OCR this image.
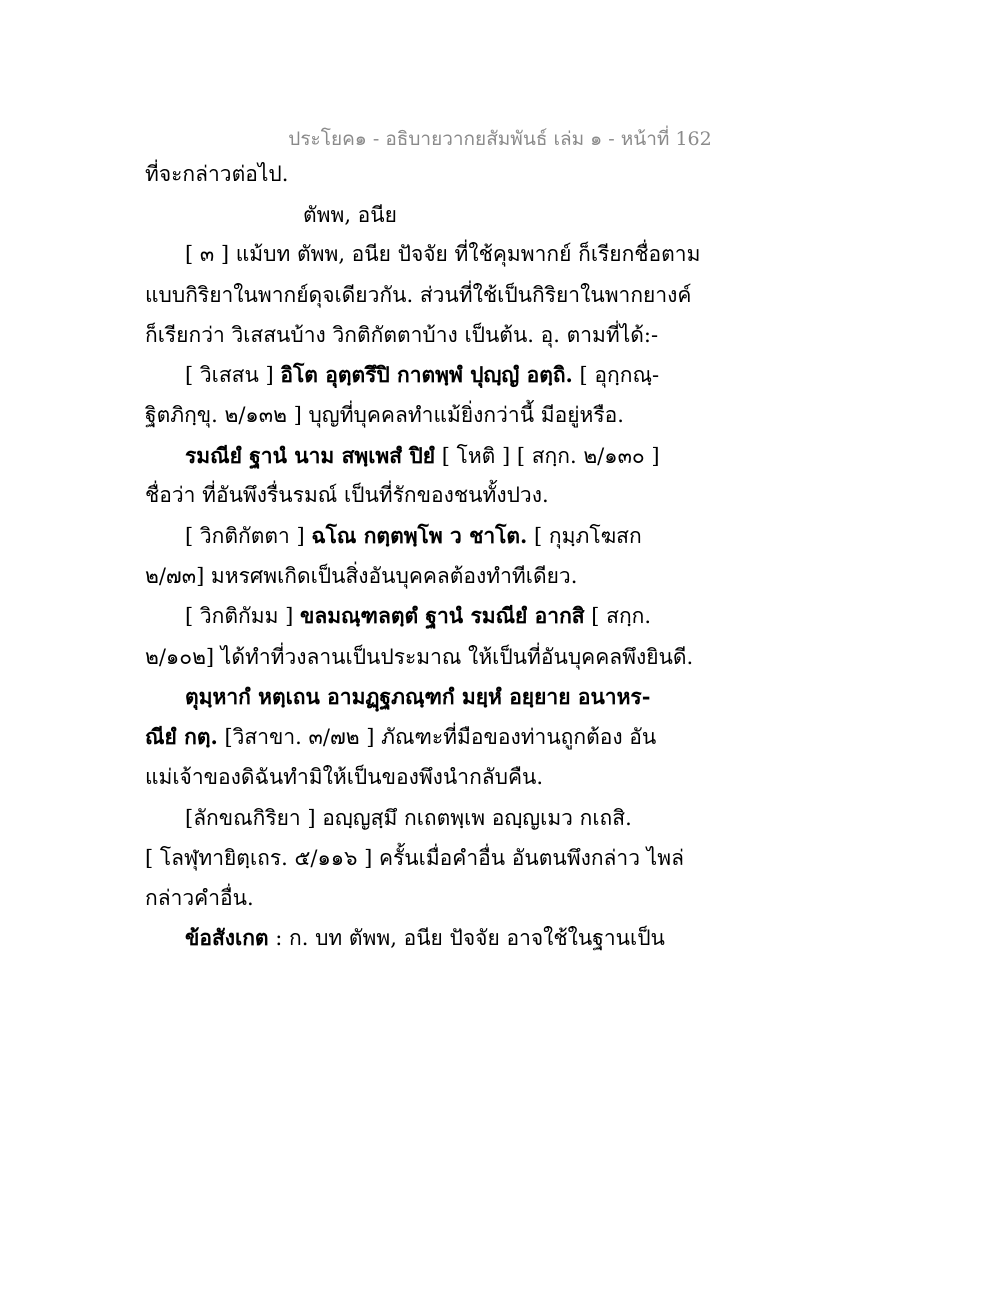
ประโยค๑ - อธิบายวากยสัมพันธ์ เล่ม ๑ - หน้าที่ 162
ที่จะกล่าวต่อไป.
ตัพพ, อนีย
[ ๓ ] แม้บท ตัพพ, อนีย ปัจจัย ที่ใช้คุมพากย์ ก็เรียกชื่อตาม
แบบกิริยาในพากย์ดุจเดียวกัน. ส่วนที่ใช้เป็นกิริยาในพากยางค์
ก็เรียกว่า วิเสสนบ้าง วิกติกัตตาบ้าง เป็นต้น. อุ. ตามที่ได้:-
[ วิเสสน ] อิโต อุตฺตรึปิ กาตพฺพํ ปุญฺญํ อตฺถิ. [ อุกฺกณฺ-
ฐิตภิกฺขุ. ๒/๑๓๒ ] บุญที่บุคคลทำแม้ยิ่งกว่านี้ มีอยู่หรือ.
รมณียํ ฐานํ นาม สพฺเพสํ ปิยํ [ โหติ ] [ สกฺก. ๒/๑๓๐ ]
ชื่อว่า ที่อันพึงรื่นรมณ์ เป็นที่รักของชนทั้งปวง.
[ วิกติกัตตา ] ฉโณ กตฺตพฺโพ ว ชาโต. [ กุมฺภโฆสก
๒/๗๓] มหรศพเกิดเป็นสิ่งอันบุคคลต้องทำทีเดียว.
[ วิกติกัมม ] ขลมณฺฑลตฺตํ ฐานํ รมณียํ อากสิ [ สกฺก.
๒/๑๐๒] ได้ทำที่วงลานเป็นประมาณ ให้เป็นที่อันบุคคลพึงยินดี.
ตุมฺหากํ หตฺเถน อามฏฺฐภณฺฑกํ มยฺหํ อยฺยาย อนาหร-
ณียํ กตฺ. [วิสาขา. ๓/๗๒ ] ภัณฑะที่มือของท่านถูกต้อง อัน
แม่เจ้าของดิฉันทำมิให้เป็นของพึงนำกลับคืน.
[ลักขณกิริยา ] อญฺญสฺมึ กเถตพฺเพ อญฺญเมว กเถสิ.
[ โลฬุทายิตฺเถร. ๕/๑๑๖ ] ครั้นเมื่อคำอื่น อันตนพึงกล่าว ไพล่
กล่าวคำอื่น.
ข้อสังเกต : ก. บท ตัพพ, อนีย ปัจจัย อาจใช้ในฐานเป็น
